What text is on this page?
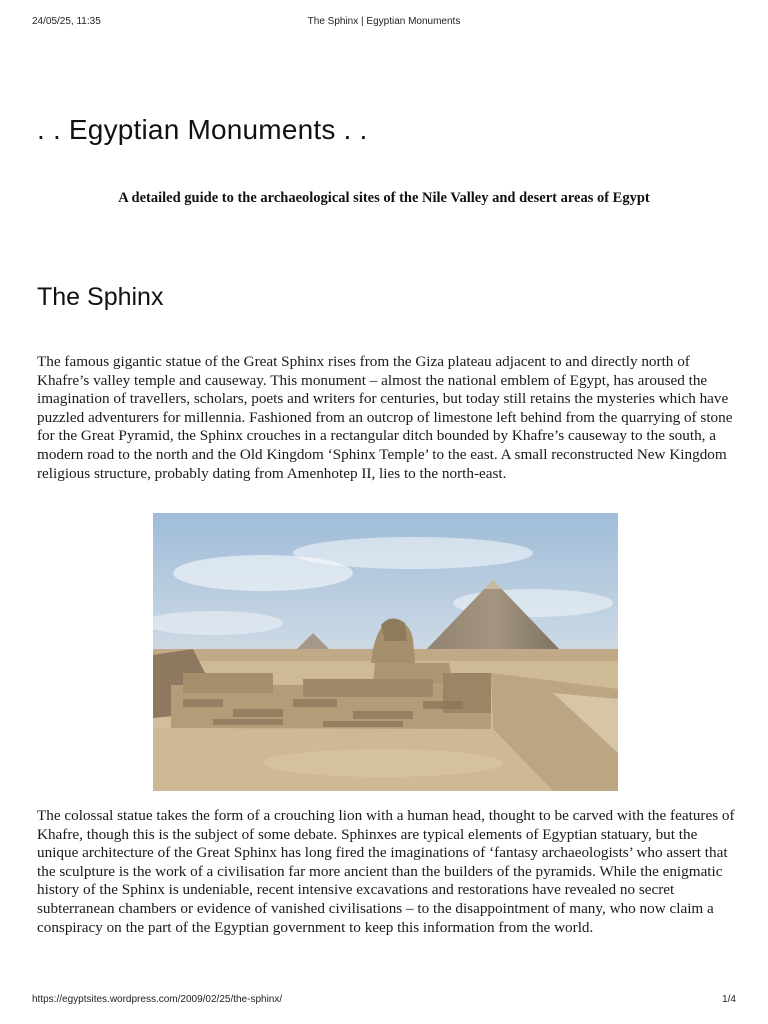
24/05/25, 11:35	The Sphinx | Egyptian Monuments
. . Egyptian Monuments . .

A detailed guide to the archaeological sites of the Nile Valley and desert areas of Egypt

The Sphinx

The famous gigantic statue of the Great Sphinx rises from the Giza plateau adjacent to and directly north of Khafre’s valley temple and causeway. This monument – almost the national emblem of Egypt, has aroused the imagination of travellers, scholars, poets and writers for centuries, but today still retains the mysteries which have puzzled adventurers for millennia. Fashioned from an outcrop of limestone left behind from the quarrying of stone for the Great Pyramid, the Sphinx crouches in a rectangular ditch bounded by Khafre’s causeway to the south, a modern road to the north and the Old Kingdom ‘Sphinx Temple’ to the east. A small reconstructed New Kingdom religious structure, probably dating from Amenhotep II, lies to the north-east.

The colossal statue takes the form of a crouching lion with a human head, thought to be carved with the features of Khafre, though this is the subject of some debate. Sphinxes are typical elements of Egyptian statuary, but the unique architecture of the Great Sphinx has long fired the imaginations of ‘fantasy archaeologists’ who assert that the sculpture is the work of a civilisation far more ancient than the builders of the pyramids. While the enigmatic history of the Sphinx is undeniable, recent intensive excavations and restorations have revealed no secret subterranean chambers or evidence of vanished civilisations – to the disappointment of many, who now claim a conspiracy on the part of the Egyptian government to keep this information from the world.

https://egyptsites.wordpress.com/2009/02/25/the-sphinx/	1/4
